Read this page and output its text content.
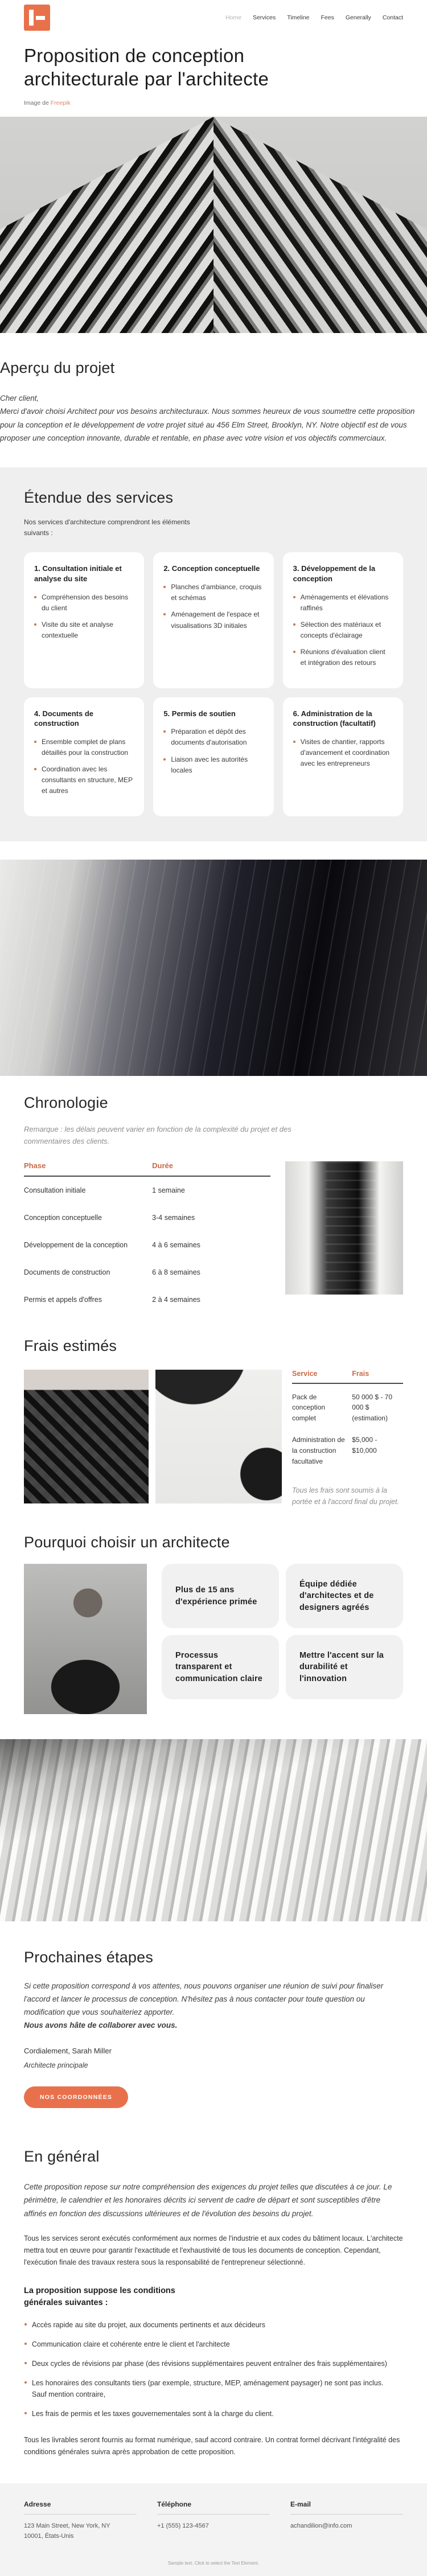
Home Services Timeline Fees Generally Contact
Proposition de conception architecturale par l'architecte
Image de Freepik
Aperçu du projet

Cher client,

Merci d'avoir choisi Architect pour vos besoins architecturaux. Nous sommes heureux de vous soumettre cette proposition pour la conception et le développement de votre projet situé au 456 Elm Street, Brooklyn, NY. Notre objectif est de vous proposer une conception innovante, durable et rentable, en phase avec votre vision et vos objectifs commerciaux.

Étendue des services

Nos services d'architecture comprendront les éléments suivants :

1. Consultation initiale et analyse du site
Compréhension des besoins du client
Visite du site et analyse contextuelle
2. Conception conceptuelle
Planches d'ambiance, croquis et schémas
Aménagement de l'espace et visualisations 3D initiales
3. Développement de la conception
Aménagements et élévations raffinés
Sélection des matériaux et concepts d'éclairage
Réunions d'évaluation client et intégration des retours
4. Documents de construction
Ensemble complet de plans détaillés pour la construction
Coordination avec les consultants en structure, MEP et autres
5. Permis de soutien
Préparation et dépôt des documents d'autorisation
Liaison avec les autorités locales
6. Administration de la construction (facultatif)
Visites de chantier, rapports d'avancement et coordination avec les entrepreneurs
Chronologie

Remarque : les délais peuvent varier en fonction de la complexité du projet et des commentaires des clients.

Phase	Durée
Consultation initiale	1 semaine
Conception conceptuelle	3-4 semaines
Développement de la conception	4 à 6 semaines
Documents de construction	6 à 8 semaines
Permis et appels d'offres	2 à 4 semaines
Frais estimés
Service	Frais
Pack de conception complet
50 000 $ - 70 000 $ (estimation)
Administration de la construction facultative
$5,000 - $10,000

Tous les frais sont soumis à la portée et à l'accord final du projet.

Pourquoi choisir un architecte
Plus de 15 ans d'expérience primée
Équipe dédiée d'architectes et de designers agréés
Processus transparent et communication claire
Mettre l'accent sur la durabilité et l'innovation
Prochaines étapes

Si cette proposition correspond à vos attentes, nous pouvons organiser une réunion de suivi pour finaliser l'accord et lancer le processus de conception. N'hésitez pas à nous contacter pour toute question ou modification que vous souhaiteriez apporter.

Nous avons hâte de collaborer avec vous.

Cordialement, Sarah Miller

Architecte principale

NOS COORDONNÉES
En général

Cette proposition repose sur notre compréhension des exigences du projet telles que discutées à ce jour. Le périmètre, le calendrier et les honoraires décrits ici servent de cadre de départ et sont susceptibles d'être affinés en fonction des discussions ultérieures et de l'évolution des besoins du projet.

Tous les services seront exécutés conformément aux normes de l'industrie et aux codes du bâtiment locaux. L'architecte mettra tout en œuvre pour garantir l'exactitude et l'exhaustivité de tous les documents de conception. Cependant, l'exécution finale des travaux restera sous la responsabilité de l'entrepreneur sélectionné.

La proposition suppose les conditions générales suivantes :
Accès rapide au site du projet, aux documents pertinents et aux décideurs
Communication claire et cohérente entre le client et l'architecte
Deux cycles de révisions par phase (des révisions supplémentaires peuvent entraîner des frais supplémentaires)
Les honoraires des consultants tiers (par exemple, structure, MEP, aménagement paysager) ne sont pas inclus. Sauf mention contraire,
Les frais de permis et les taxes gouvernementales sont à la charge du client.

Tous les livrables seront fournis au format numérique, sauf accord contraire. Un contrat formel décrivant l'intégralité des conditions générales suivra après approbation de cette proposition.

Adresse

123 Main Street, New York, NY 10001, États-Unis

Téléphone

+1 (555) 123-4567

E-mail

achandilion@info.com

Sample text. Click to select the Text Element.
